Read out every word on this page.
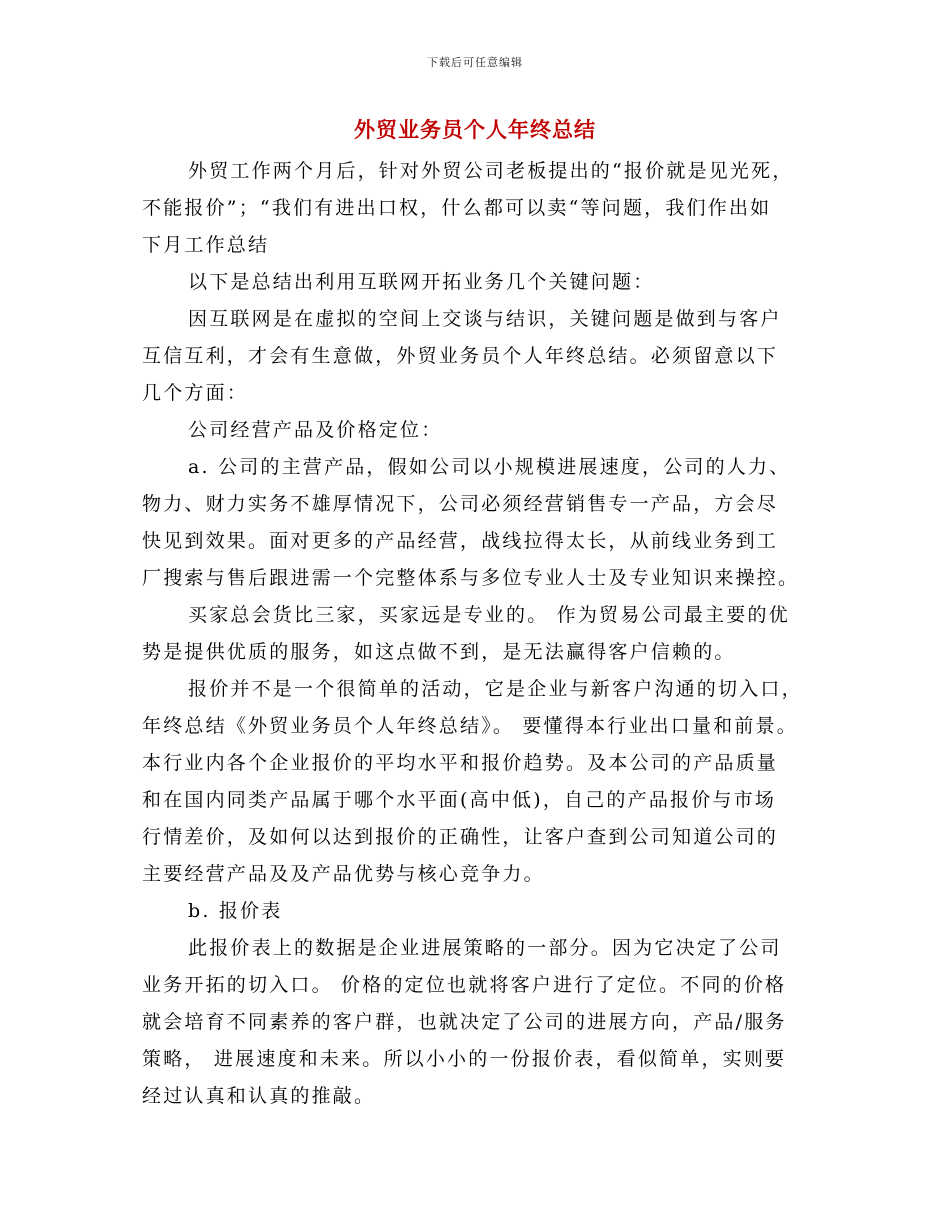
下载后可任意编辑
外贸业务员个人年终总结

外贸工作两个月后，针对外贸公司老板提出的“报价就是见光死，
不能报价”；“我们有进出口权，什么都可以卖“等问题，我们作出如
下月工作总结

以下是总结出利用互联网开拓业务几个关键问题：

因互联网是在虚拟的空间上交谈与结识，关键问题是做到与客户
互信互利，才会有生意做，外贸业务员个人年终总结。必须留意以下
几个方面：

公司经营产品及价格定位：

a. 公司的主营产品，假如公司以小规模进展速度，公司的人力、
物力、财力实务不雄厚情况下，公司必须经营销售专一产品，方会尽
快见到效果。面对更多的产品经营，战线拉得太长，从前线业务到工
厂搜索与售后跟进需一个完整体系与多位专业人士及专业知识来操控。

买家总会货比三家，买家远是专业的。 作为贸易公司最主要的优
势是提供优质的服务，如这点做不到，是无法赢得客户信赖的。

报价并不是一个很简单的活动，它是企业与新客户沟通的切入口，
年终总结《外贸业务员个人年终总结》。 要懂得本行业出口量和前景。
本行业内各个企业报价的平均水平和报价趋势。及本公司的产品质量
和在国内同类产品属于哪个水平面(高中低)，自己的产品报价与市场
行情差价，及如何以达到报价的正确性，让客户查到公司知道公司的
主要经营产品及及产品优势与核心竞争力。

b. 报价表

此报价表上的数据是企业进展策略的一部分。因为它决定了公司
业务开拓的切入口。 价格的定位也就将客户进行了定位。不同的价格
就会培育不同素养的客户群，也就决定了公司的进展方向，产品/服务
策略， 进展速度和未来。所以小小的一份报价表，看似简单，实则要
经过认真和认真的推敲。
